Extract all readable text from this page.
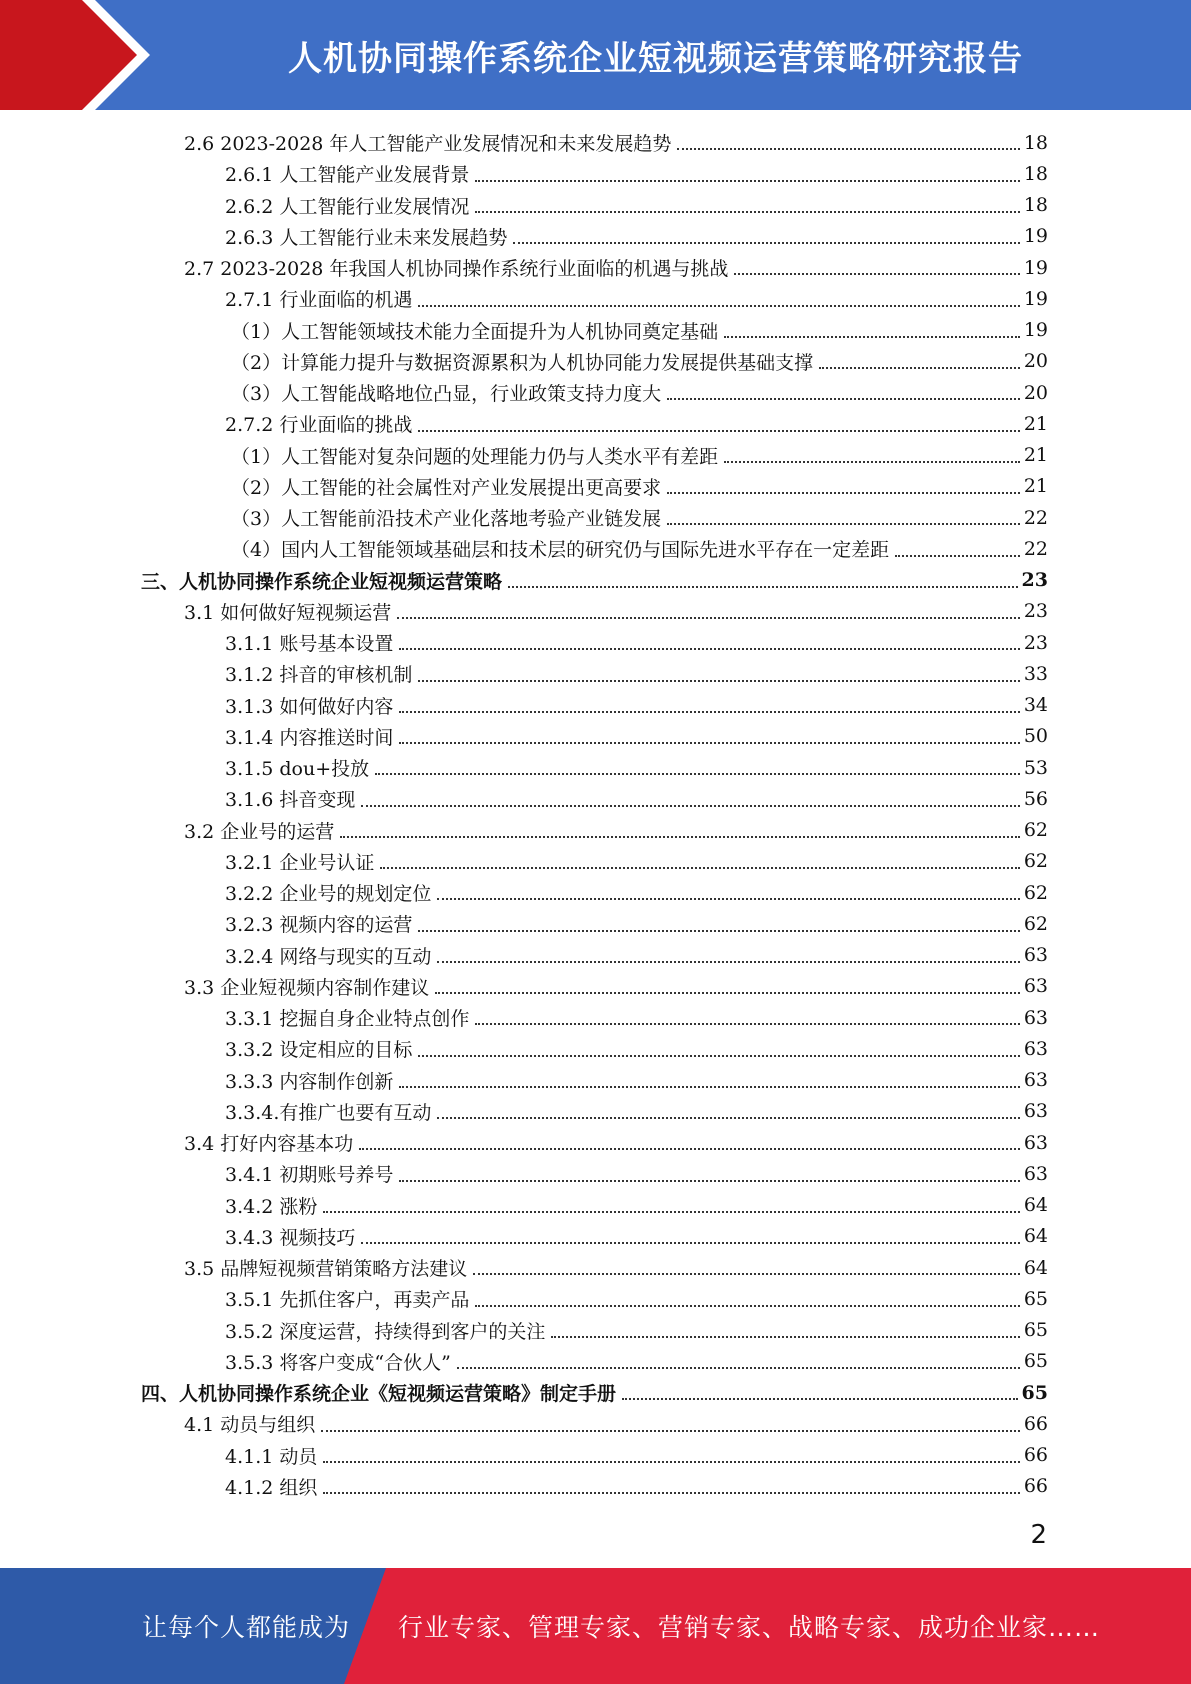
人机协同操作系统企业短视频运营策略研究报告
2.6 2023-2028 年人工智能产业发展情况和未来发展趋势	18
2.6.1 人工智能产业发展背景	18
2.6.2 人工智能行业发展情况	18
2.6.3 人工智能行业未来发展趋势	19
2.7 2023-2028 年我国人机协同操作系统行业面临的机遇与挑战	19
2.7.1 行业面临的机遇	19
（1）人工智能领域技术能力全面提升为人机协同奠定基础	19
（2）计算能力提升与数据资源累积为人机协同能力发展提供基础支撑	20
（3）人工智能战略地位凸显，行业政策支持力度大	20
2.7.2 行业面临的挑战	21
（1）人工智能对复杂问题的处理能力仍与人类水平有差距	21
（2）人工智能的社会属性对产业发展提出更高要求	21
（3）人工智能前沿技术产业化落地考验产业链发展	22
（4）国内人工智能领域基础层和技术层的研究仍与国际先进水平存在一定差距	22
三、人机协同操作系统企业短视频运营策略	23
3.1 如何做好短视频运营	23
3.1.1 账号基本设置	23
3.1.2 抖音的审核机制	33
3.1.3 如何做好内容	34
3.1.4 内容推送时间	50
3.1.5 dou+投放	53
3.1.6 抖音变现	56
3.2 企业号的运营	62
3.2.1 企业号认证	62
3.2.2 企业号的规划定位	62
3.2.3 视频内容的运营	62
3.2.4 网络与现实的互动	63
3.3 企业短视频内容制作建议	63
3.3.1 挖掘自身企业特点创作	63
3.3.2 设定相应的目标	63
3.3.3 内容制作创新	63
3.3.4.有推广也要有互动	63
3.4 打好内容基本功	63
3.4.1 初期账号养号	63
3.4.2 涨粉	64
3.4.3 视频技巧	64
3.5 品牌短视频营销策略方法建议	64
3.5.1 先抓住客户，再卖产品	65
3.5.2 深度运营，持续得到客户的关注	65
3.5.3 将客户变成“合伙人”	65
四、人机协同操作系统企业《短视频运营策略》制定手册	65
4.1 动员与组织	66
4.1.1 动员	66
4.1.2 组织	66
2
让每个人都能成为 行业专家、管理专家、营销专家、战略专家、成功企业家……
